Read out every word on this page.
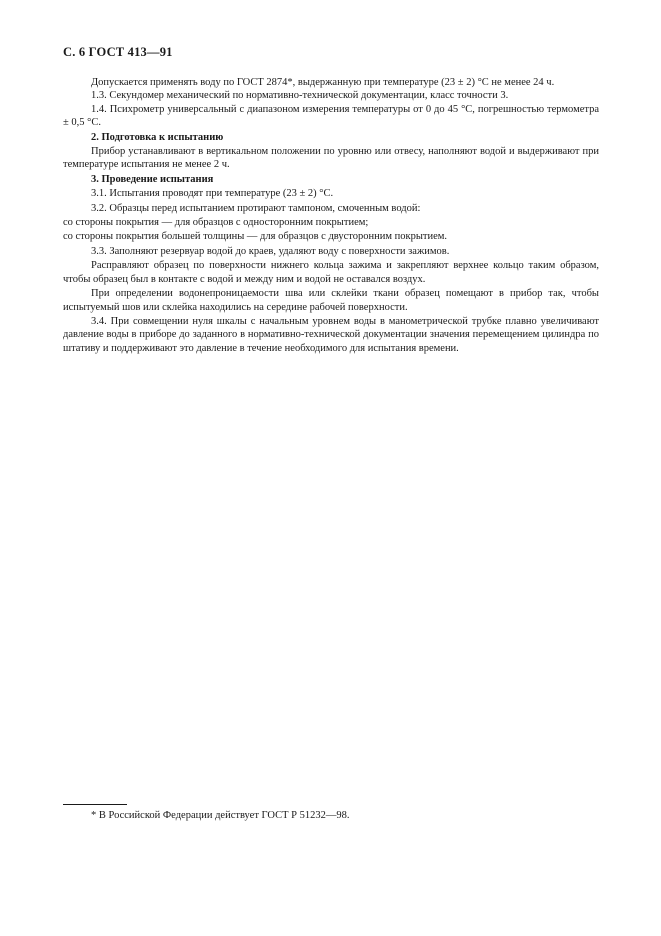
С. 6 ГОСТ 413—91

Допускается применять воду по ГОСТ 2874*, выдержанную при температуре (23 ± 2) °С не менее 24 ч.

1.3. Секундомер механический по нормативно-технической документации, класс точности 3.

1.4. Психрометр универсальный с диапазоном измерения температуры от 0 до 45 °С, погрешностью термометра ± 0,5 °С.

2. Подготовка к испытанию

Прибор устанавливают в вертикальном положении по уровню или отвесу, наполняют водой и выдерживают при температуре испытания не менее 2 ч.

3. Проведение испытания

3.1. Испытания проводят при температуре (23 ± 2) °С.

3.2. Образцы перед испытанием протирают тампоном, смоченным водой:

со стороны покрытия — для образцов с односторонним покрытием;

со стороны покрытия большей толщины — для образцов с двусторонним покрытием.

3.3. Заполняют резервуар водой до краев, удаляют воду с поверхности зажимов.

Расправляют образец по поверхности нижнего кольца зажима и закрепляют верхнее кольцо таким образом, чтобы образец был в контакте с водой и между ним и водой не оставался воздух.

При определении водонепроницаемости шва или склейки ткани образец помещают в прибор так, чтобы испытуемый шов или склейка находились на середине рабочей поверхности.

3.4. При совмещении нуля шкалы с начальным уровнем воды в манометрической трубке плавно увеличивают давление воды в приборе до заданного в нормативно-технической документации значения перемещением цилиндра по штативу и поддерживают это давление в течение необходимого для испытания времени.

* В Российской Федерации действует ГОСТ Р 51232—98.
